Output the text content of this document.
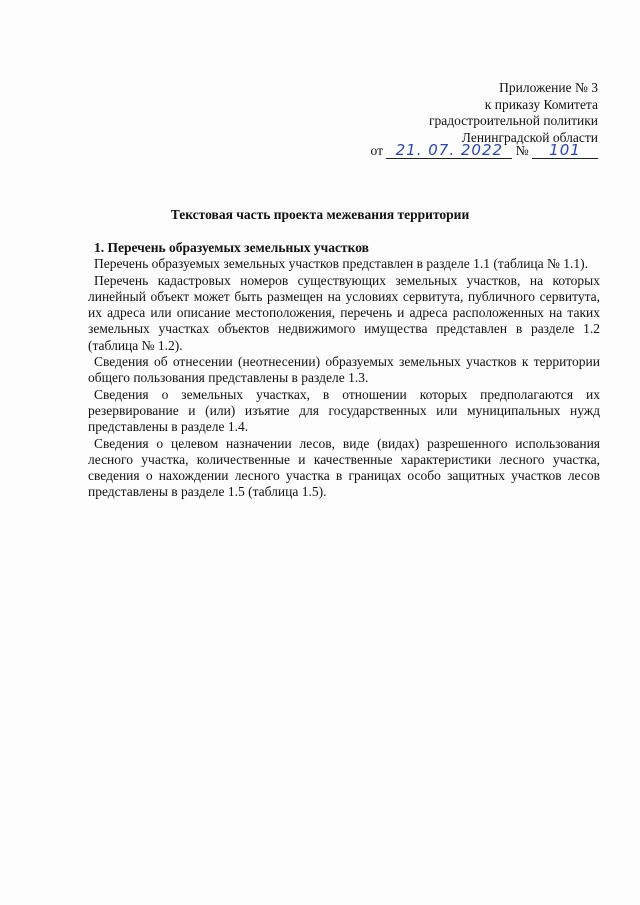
Приложение № 3
к приказу Комитета
градостроительной политики
Ленинградской области
от 21. 07. 2022 № 101
Текстовая часть проекта межевания территории

1. Перечень образуемых земельных участков

Перечень образуемых земельных участков представлен в разделе 1.1 (таблица № 1.1).

Перечень кадастровых номеров существующих земельных участков, на которых линейный объект может быть размещен на условиях сервитута, публичного сервитута, их адреса или описание местоположения, перечень и адреса расположенных на таких земельных участках объектов недвижимого имущества представлен в разделе 1.2 (таблица № 1.2).

Сведения об отнесении (неотнесении) образуемых земельных участков к территории общего пользования представлены в разделе 1.3.

Сведения о земельных участках, в отношении которых предполагаются их резервирование и (или) изъятие для государственных или муниципальных нужд представлены в разделе 1.4.

Сведения о целевом назначении лесов, виде (видах) разрешенного использования лесного участка, количественные и качественные характеристики лесного участка, сведения о нахождении лесного участка в границах особо защитных участков лесов представлены в разделе 1.5 (таблица 1.5).
